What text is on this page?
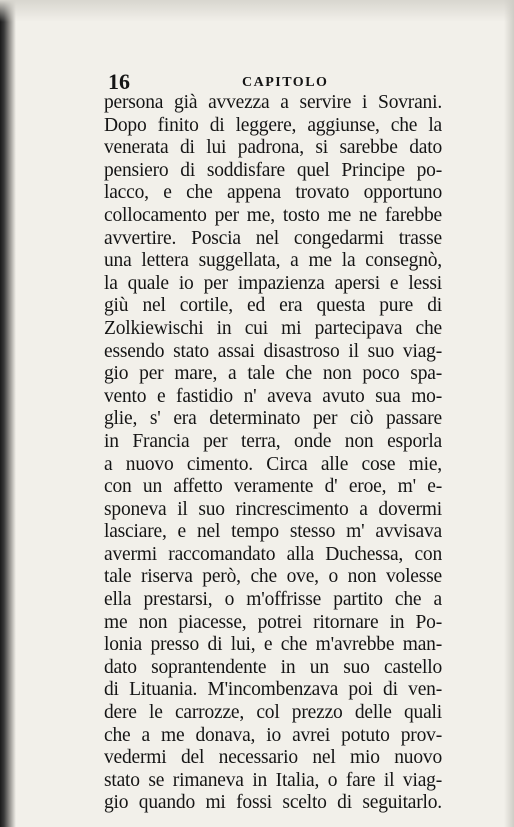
16	CAPITOLO
persona già avvezza a servire i Sovrani.
Dopo finito di leggere, aggiunse, che la
venerata di lui padrona, si sarebbe dato
pensiero di soddisfare quel Principe po-
lacco, e che appena trovato opportuno
collocamento per me, tosto me ne farebbe
avvertire. Poscia nel congedarmi trasse
una lettera suggellata, a me la consegnò,
la quale io per impazienza apersi e lessi
giù nel cortile, ed era questa pure di
Zolkiewischi in cui mi partecipava che
essendo stato assai disastroso il suo viag-
gio per mare, a tale che non poco spa-
vento e fastidio n' aveva avuto sua mo-
glie, s' era determinato per ciò passare
in Francia per terra, onde non esporla
a nuovo cimento. Circa alle cose mie,
con un affetto veramente d' eroe, m' e-
sponeva il suo rincrescimento a dovermi
lasciare, e nel tempo stesso m' avvisava
avermi raccomandato alla Duchessa, con
tale riserva però, che ove, o non volesse
ella prestarsi, o m'offrisse partito che a
me non piacesse, potrei ritornare in Po-
lonia presso di lui, e che m'avrebbe man-
dato soprantendente in un suo castello
di Lituania. M'incombenzava poi di ven-
dere le carrozze, col prezzo delle quali
che a me donava, io avrei potuto prov-
vedermi del necessario nel mio nuovo
stato se rimaneva in Italia, o fare il viag-
gio quando mi fossi scelto di seguitarlo.
